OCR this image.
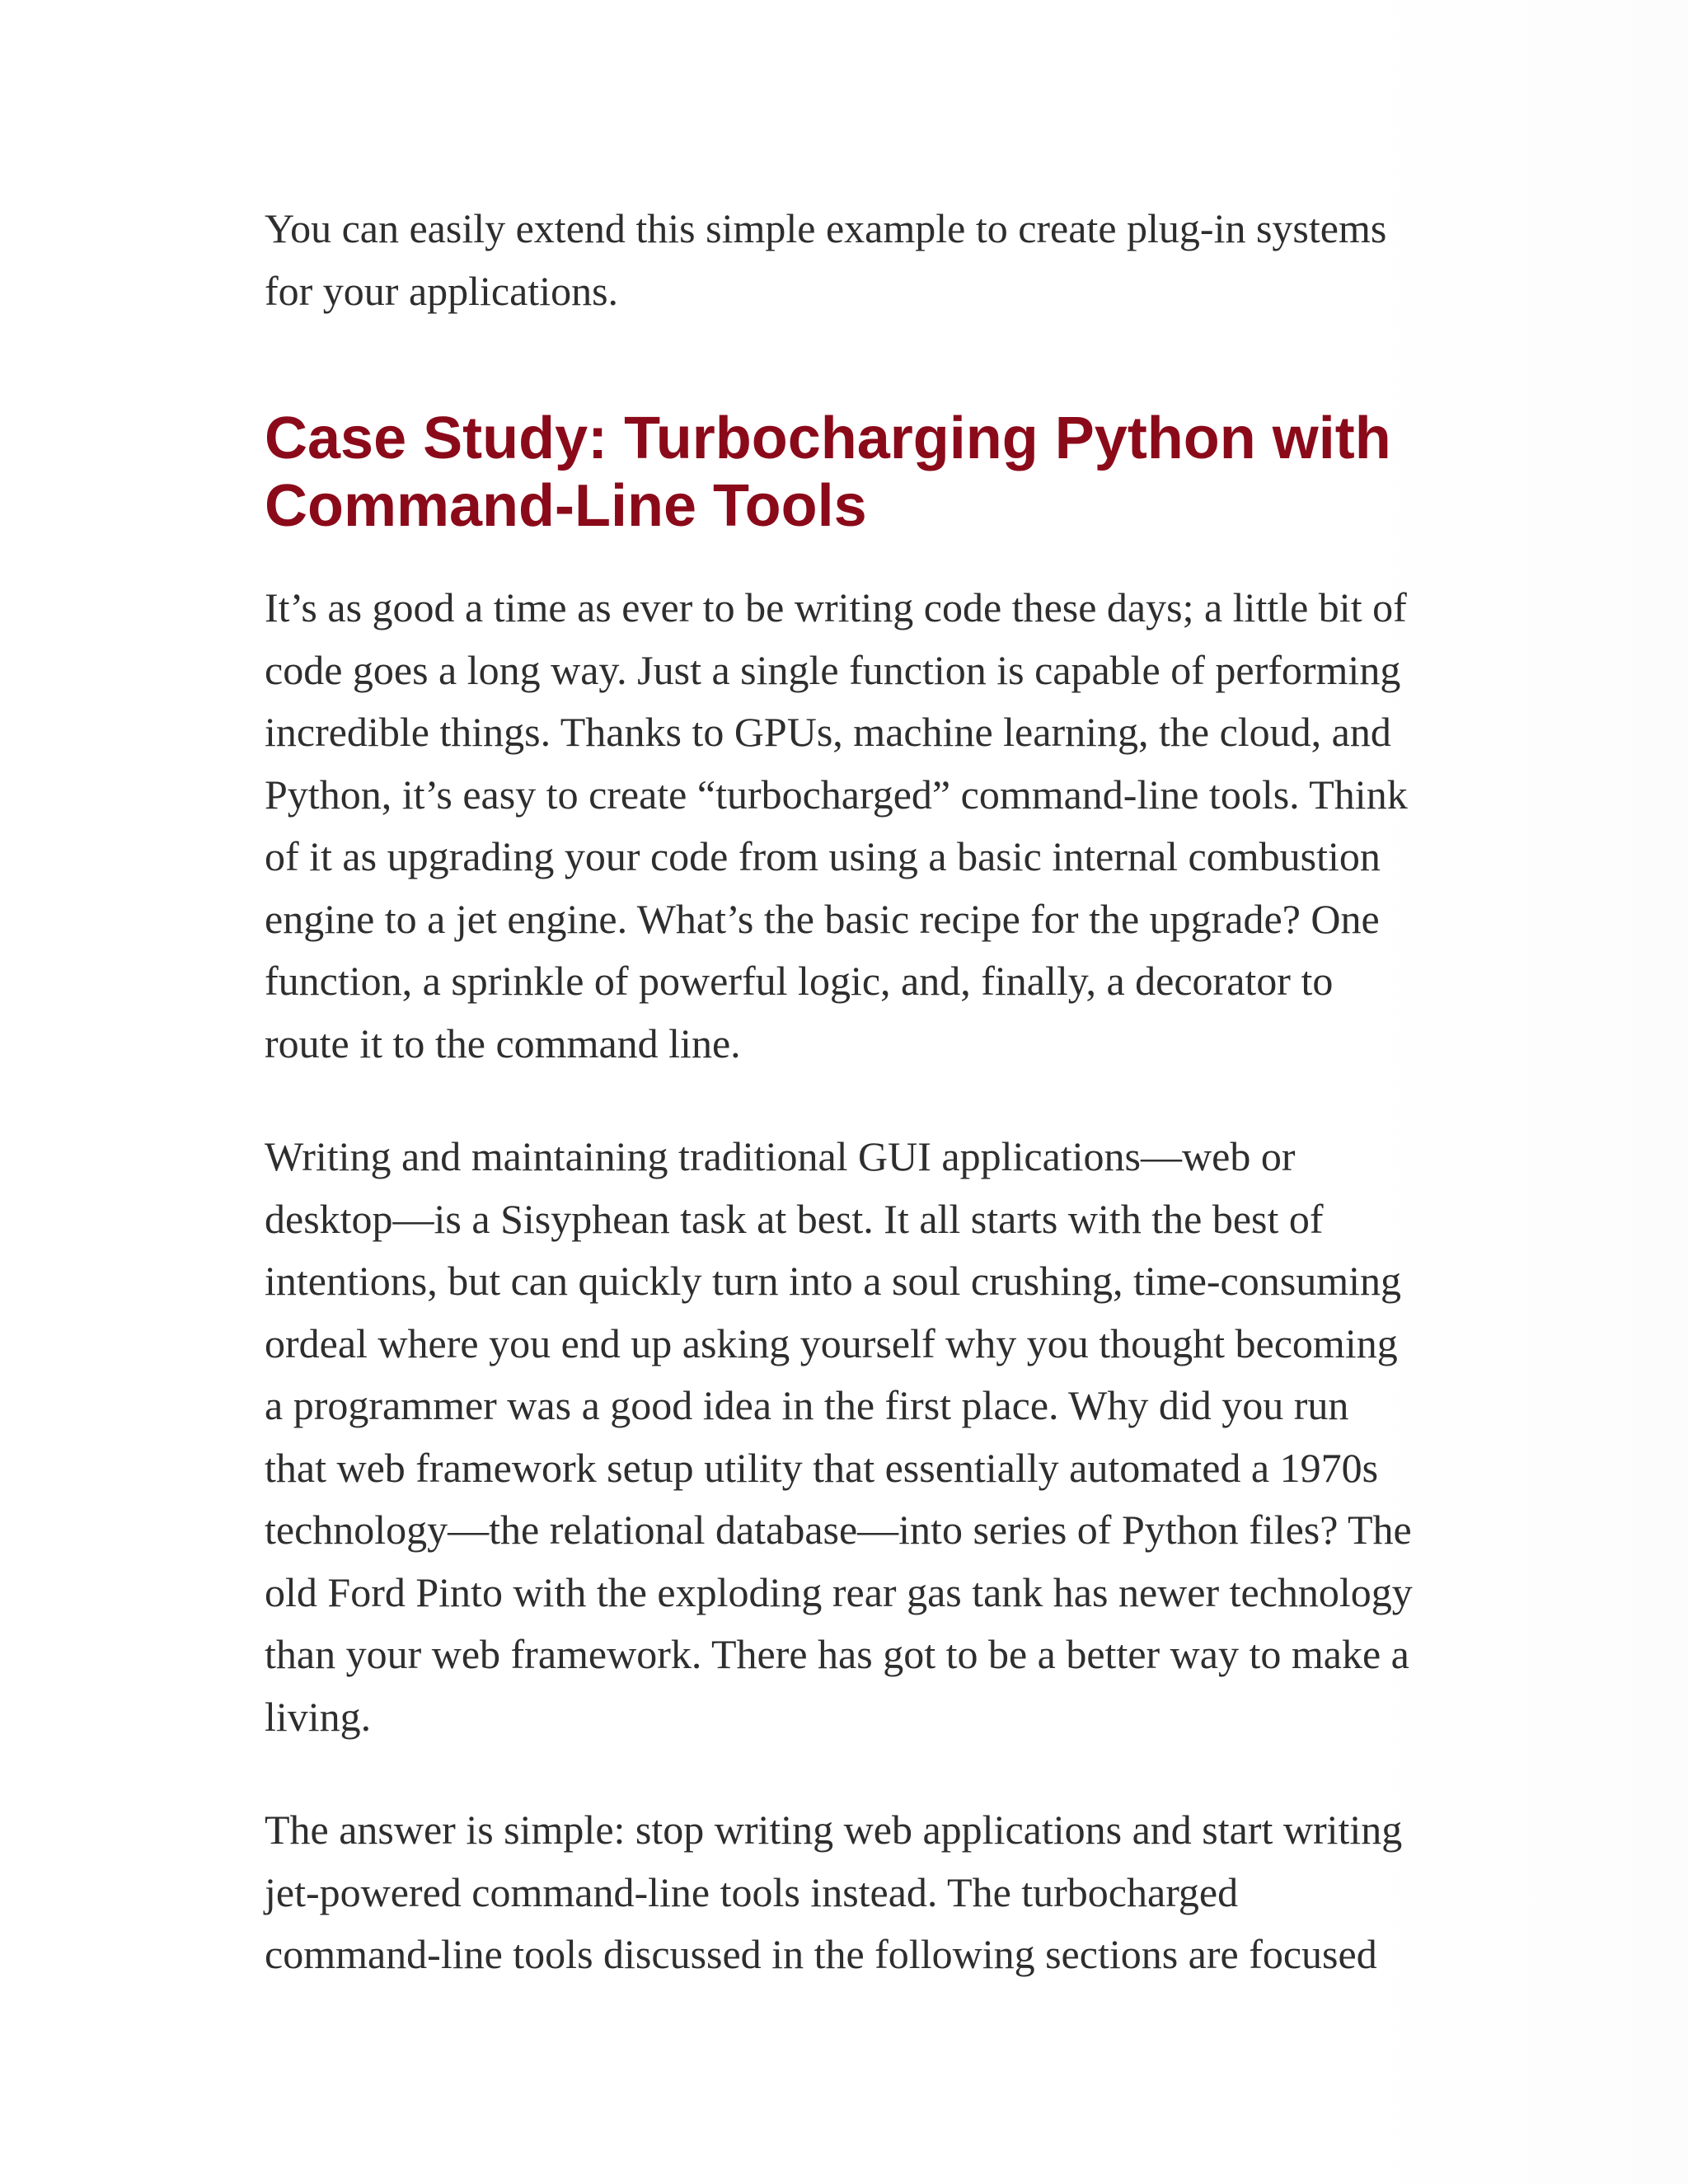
You can easily extend this simple example to create plug-in systems
for your applications.

Case Study: Turbocharging Python with
Command-Line Tools

It’s as good a time as ever to be writing code these days; a little bit of
code goes a long way. Just a single function is capable of performing
incredible things. Thanks to GPUs, machine learning, the cloud, and
Python, it’s easy to create “turbocharged” command-line tools. Think
of it as upgrading your code from using a basic internal combustion
engine to a jet engine. What’s the basic recipe for the upgrade? One
function, a sprinkle of powerful logic, and, finally, a decorator to
route it to the command line.

Writing and maintaining traditional GUI applications—web or
desktop—is a Sisyphean task at best. It all starts with the best of
intentions, but can quickly turn into a soul crushing, time-consuming
ordeal where you end up asking yourself why you thought becoming
a programmer was a good idea in the first place. Why did you run
that web framework setup utility that essentially automated a 1970s
technology—the relational database—into series of Python files? The
old Ford Pinto with the exploding rear gas tank has newer technology
than your web framework. There has got to be a better way to make a
living.

The answer is simple: stop writing web applications and start writing
jet-powered command-line tools instead. The turbocharged
command-line tools discussed in the following sections are focused
